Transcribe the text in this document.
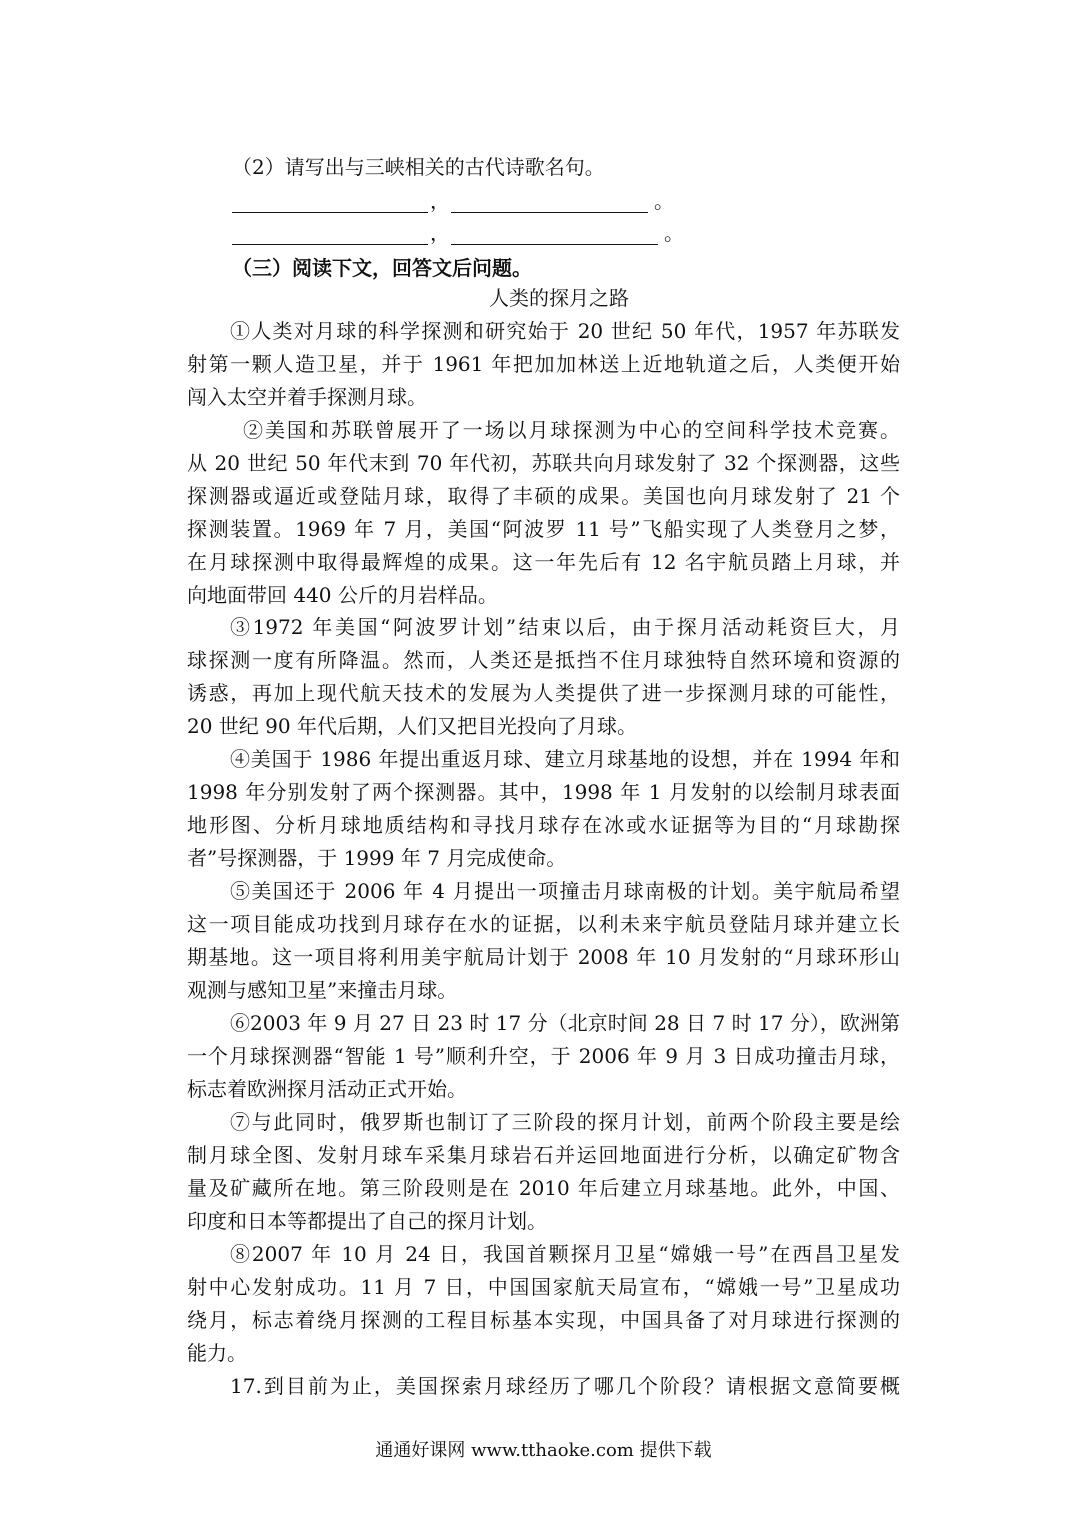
（2）请写出与三峡相关的古代诗歌名句。
，	。
，	。
（三）阅读下文，回答文后问题。
人类的探月之路
①人类对月球的科学探测和研究始于 20 世纪 50 年代，1957 年苏联发
射第一颗人造卫星，并于 1961 年把加加林送上近地轨道之后，人类便开始
闯入太空并着手探测月球。
②美国和苏联曾展开了一场以月球探测为中心的空间科学技术竞赛。
从 20 世纪 50 年代末到 70 年代初，苏联共向月球发射了 32 个探测器，这些
探测器或逼近或登陆月球，取得了丰硕的成果。美国也向月球发射了 21 个
探测装置。1969 年 7 月，美国“阿波罗 11 号”飞船实现了人类登月之梦，
在月球探测中取得最辉煌的成果。这一年先后有 12 名宇航员踏上月球，并
向地面带回 440 公斤的月岩样品。
③1972 年美国“阿波罗计划”结束以后，由于探月活动耗资巨大，月
球探测一度有所降温。然而，人类还是抵挡不住月球独特自然环境和资源的
诱惑，再加上现代航天技术的发展为人类提供了进一步探测月球的可能性，
20 世纪 90 年代后期，人们又把目光投向了月球。
④美国于 1986 年提出重返月球、建立月球基地的设想，并在 1994 年和
1998 年分别发射了两个探测器。其中，1998 年 1 月发射的以绘制月球表面
地形图、分析月球地质结构和寻找月球存在冰或水证据等为目的“月球勘探
者”号探测器，于 1999 年 7 月完成使命。
⑤美国还于 2006 年 4 月提出一项撞击月球南极的计划。美宇航局希望
这一项目能成功找到月球存在水的证据，以利未来宇航员登陆月球并建立长
期基地。这一项目将利用美宇航局计划于 2008 年 10 月发射的“月球环形山
观测与感知卫星”来撞击月球。
⑥2003 年 9 月 27 日 23 时 17 分（北京时间 28 日 7 时 17 分），欧洲第
一个月球探测器“智能 1 号”顺利升空，于 2006 年 9 月 3 日成功撞击月球，
标志着欧洲探月活动正式开始。
⑦与此同时，俄罗斯也制订了三阶段的探月计划，前两个阶段主要是绘
制月球全图、发射月球车采集月球岩石并运回地面进行分析，以确定矿物含
量及矿藏所在地。第三阶段则是在 2010 年后建立月球基地。此外，中国、
印度和日本等都提出了自己的探月计划。
⑧2007 年 10 月 24 日，我国首颗探月卫星“嫦娥一号”在西昌卫星发
射中心发射成功。11 月 7 日，中国国家航天局宣布，“嫦娥一号”卫星成功
绕月，标志着绕月探测的工程目标基本实现，中国具备了对月球进行探测的
能力。
17.到目前为止，美国探索月球经历了哪几个阶段？请根据文意简要概
通通好课网 www.tthaoke.com 提供下载
